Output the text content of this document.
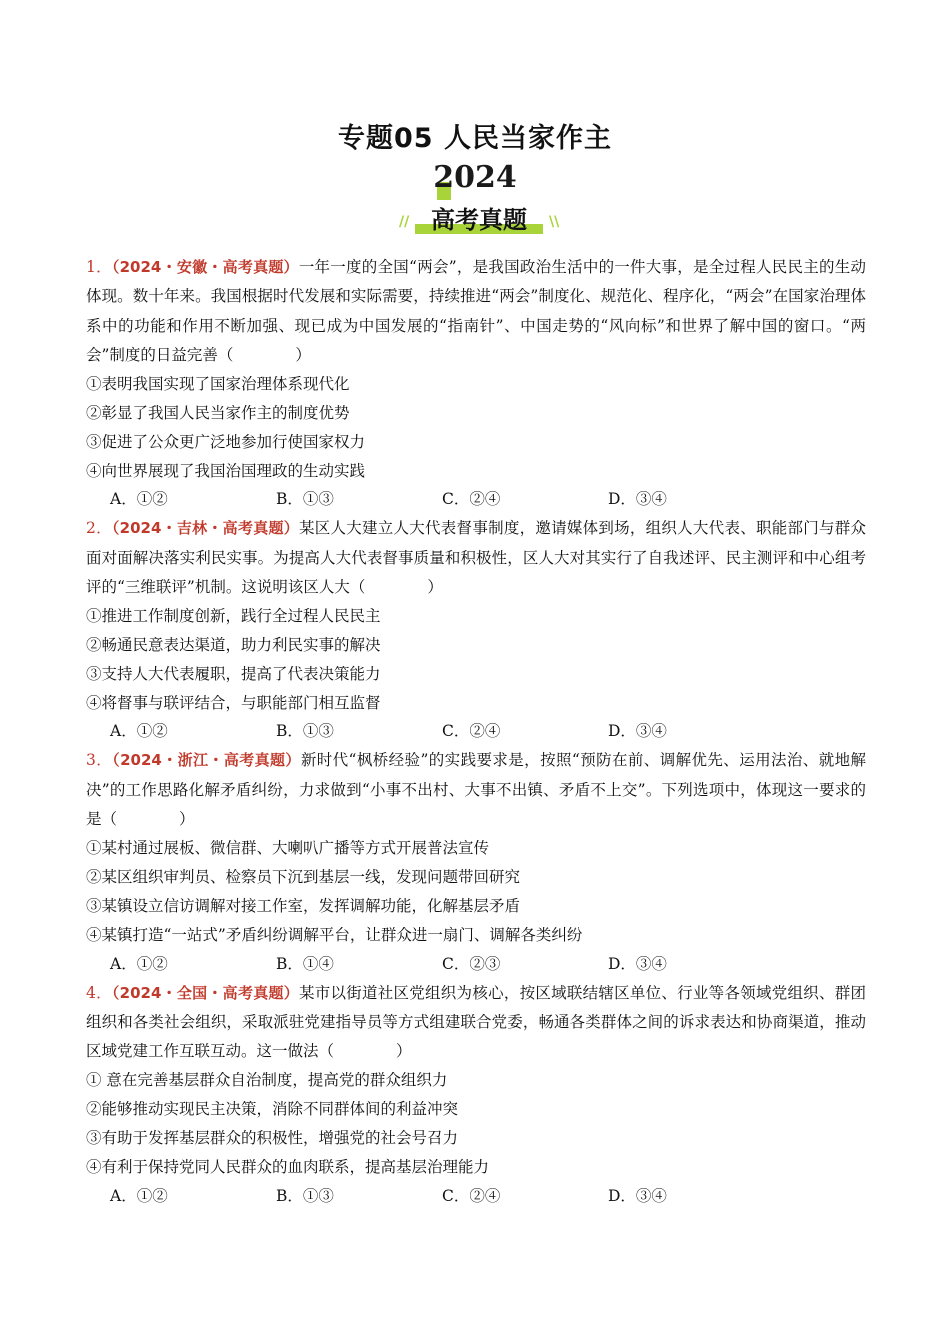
专题05 人民当家作主
2024
// 高考真题	\\

1．（2024・安徽・高考真题）一年一度的全国“两会”，是我国政治生活中的一件大事，是全过程人民民主的生动体现。数十年来。我国根据时代发展和实际需要，持续推进“两会”制度化、规范化、程序化，“两会”在国家治理体系中的功能和作用不断加强、现已成为中国发展的“指南针”、中国走势的“风向标”和世界了解中国的窗口。“两会”制度的日益完善（　　　　）

①表明我国实现了国家治理体系现代化

②彰显了我国人民当家作主的制度优势

③促进了公众更广泛地参加行使国家权力

④向世界展现了我国治国理政的生动实践

A．①②	B．①③	C．②④	D．③④

2．（2024・吉林・高考真题）某区人大建立人大代表督事制度，邀请媒体到场，组织人大代表、职能部门与群众面对面解决落实利民实事。为提高人大代表督事质量和积极性，区人大对其实行了自我述评、民主测评和中心组考评的“三维联评”机制。这说明该区人大（　　　　）

①推进工作制度创新，践行全过程人民民主

②畅通民意表达渠道，助力利民实事的解决

③支持人大代表履职，提高了代表决策能力

④将督事与联评结合，与职能部门相互监督

A．①②	B．①③	C．②④	D．③④

3．（2024・浙江・高考真题）新时代“枫桥经验”的实践要求是，按照“预防在前、调解优先、运用法治、就地解决”的工作思路化解矛盾纠纷，力求做到“小事不出村、大事不出镇、矛盾不上交”。下列选项中，体现这一要求的是（　　　　）

①某村通过展板、微信群、大喇叭广播等方式开展普法宣传

②某区组织审判员、检察员下沉到基层一线，发现问题带回研究

③某镇设立信访调解对接工作室，发挥调解功能，化解基层矛盾

④某镇打造“一站式”矛盾纠纷调解平台，让群众进一扇门、调解各类纠纷

A．①②	B．①④	C．②③	D．③④

4．（2024・全国・高考真题）某市以街道社区党组织为核心，按区域联结辖区单位、行业等各领域党组织、群团组织和各类社会组织，采取派驻党建指导员等方式组建联合党委，畅通各类群体之间的诉求表达和协商渠道，推动区域党建工作互联互动。这一做法（　　　　）

① 意在完善基层群众自治制度，提高党的群众组织力

②能够推动实现民主决策，消除不同群体间的利益冲突

③有助于发挥基层群众的积极性，增强党的社会号召力

④有利于保持党同人民群众的血肉联系，提高基层治理能力

A．①②	B．①③	C．②④	D．③④
